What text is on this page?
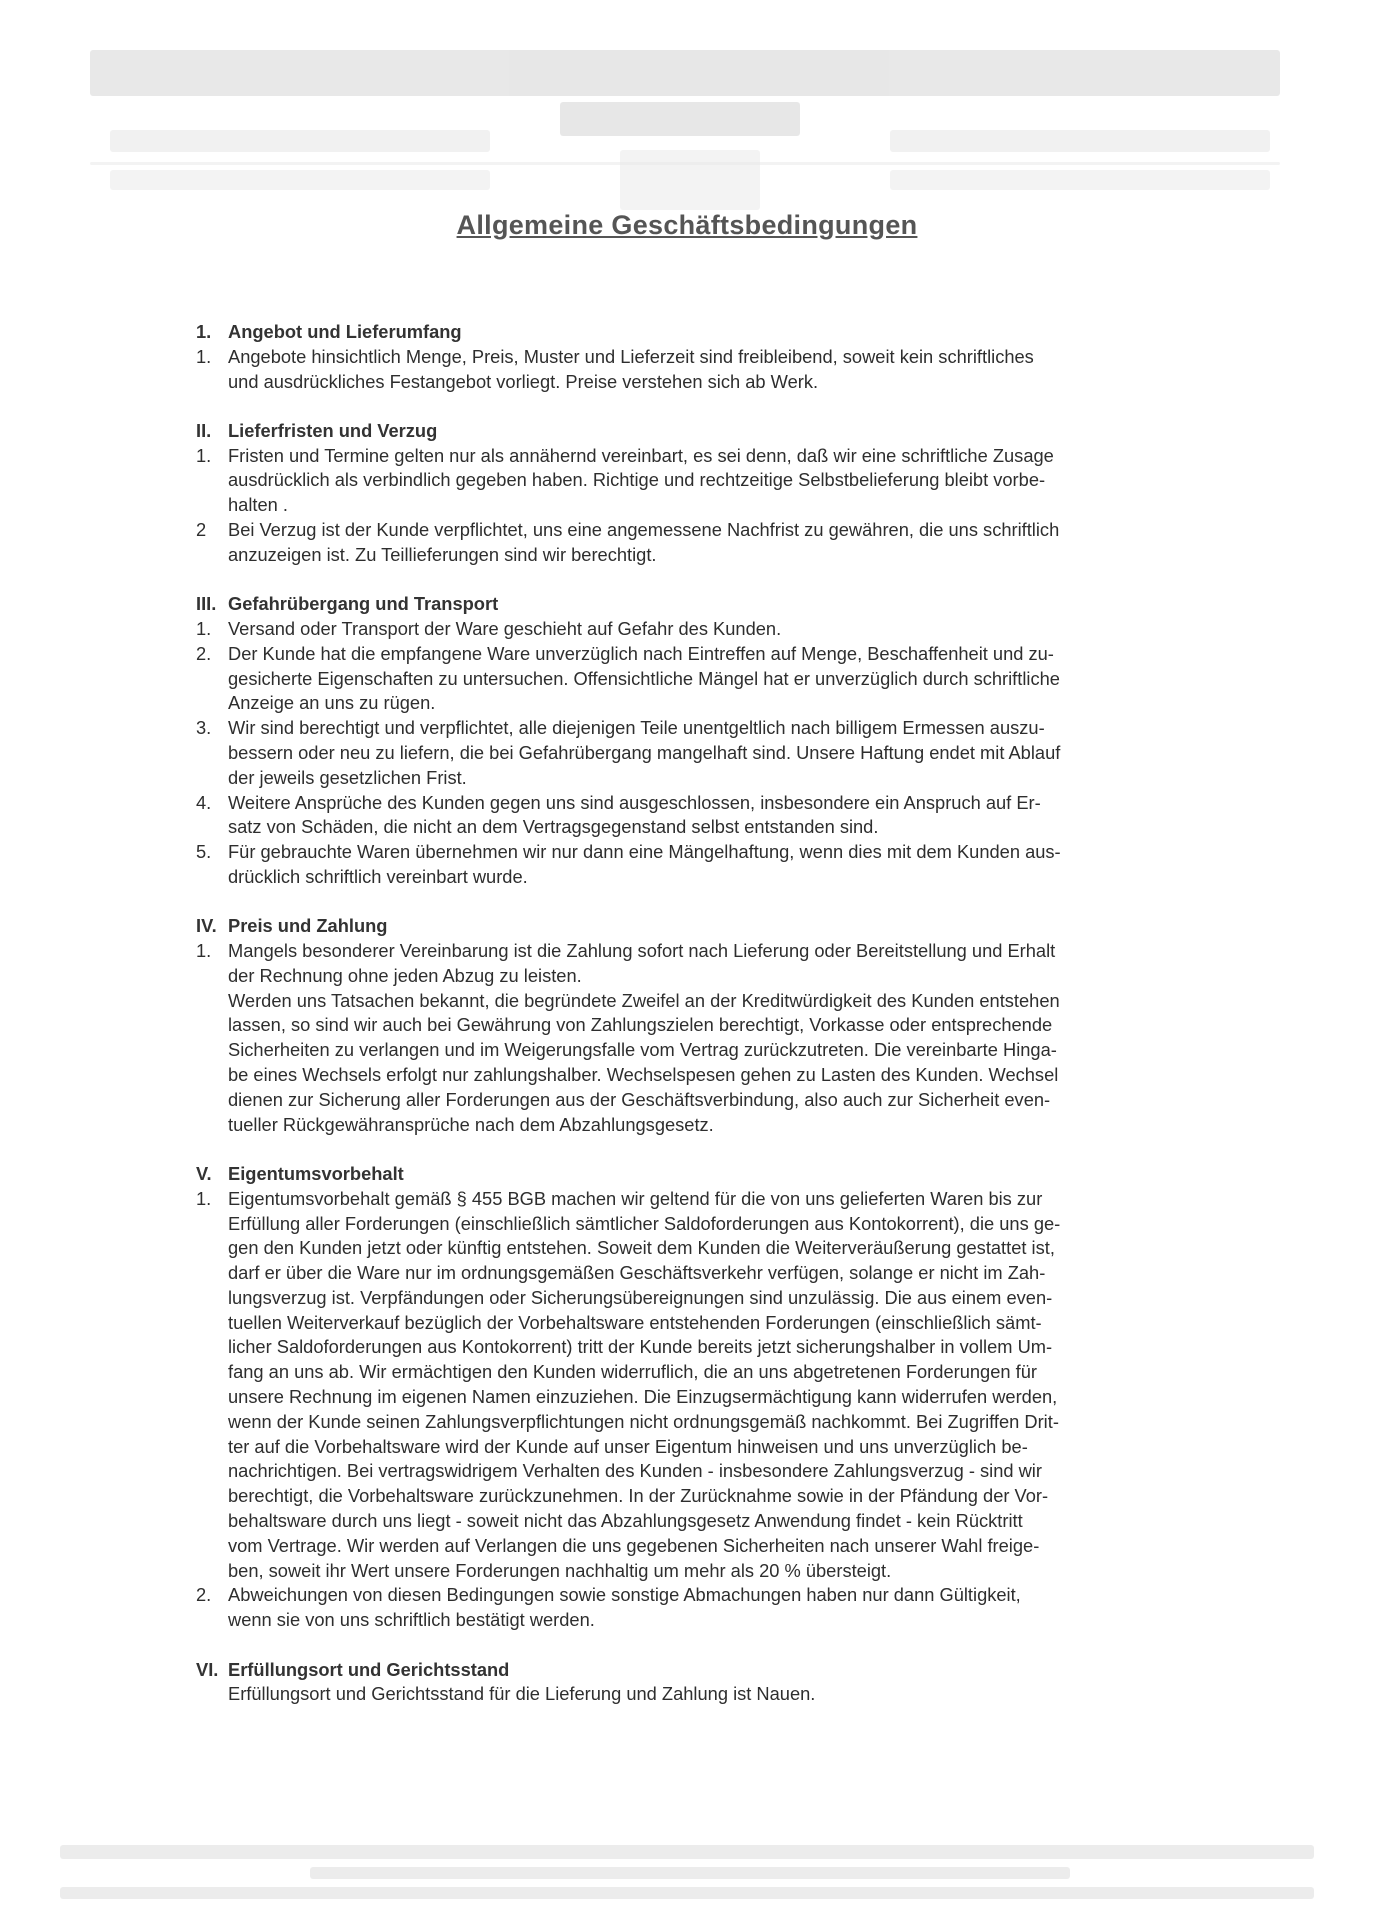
Allgemeine Geschäftsbedingungen
1. Angebot und Lieferumfang
1. Angebote hinsichtlich Menge, Preis, Muster und Lieferzeit sind freibleibend, soweit kein schriftliches
und ausdrückliches Festangebot vorliegt. Preise verstehen sich ab Werk.
II. Lieferfristen und Verzug
1. Fristen und Termine gelten nur als annähernd vereinbart, es sei denn, daß wir eine schriftliche Zusage
ausdrücklich als verbindlich gegeben haben. Richtige und rechtzeitige Selbstbelieferung bleibt vorbe-
halten .
2	Bei Verzug ist der Kunde verpflichtet, uns eine angemessene Nachfrist zu gewähren, die uns schriftlich
anzuzeigen ist. Zu Teillieferungen sind wir berechtigt.
III. Gefahrübergang und Transport
1. Versand oder Transport der Ware geschieht auf Gefahr des Kunden.
2. Der Kunde hat die empfangene Ware unverzüglich nach Eintreffen auf Menge, Beschaffenheit und zu-
gesicherte Eigenschaften zu untersuchen. Offensichtliche Mängel hat er unverzüglich durch schriftliche
Anzeige an uns zu rügen.
3. Wir sind berechtigt und verpflichtet, alle diejenigen Teile unentgeltlich nach billigem Ermessen auszu-
bessern oder neu zu liefern, die bei Gefahrübergang mangelhaft sind. Unsere Haftung endet mit Ablauf
der jeweils gesetzlichen Frist.
4. Weitere Ansprüche des Kunden gegen uns sind ausgeschlossen, insbesondere ein Anspruch auf Er-
satz von Schäden, die nicht an dem Vertragsgegenstand selbst entstanden sind.
5. Für gebrauchte Waren übernehmen wir nur dann eine Mängelhaftung, wenn dies mit dem Kunden aus-
drücklich schriftlich vereinbart wurde.
IV. Preis und Zahlung
1. Mangels besonderer Vereinbarung ist die Zahlung sofort nach Lieferung oder Bereitstellung und Erhalt
der Rechnung ohne jeden Abzug zu leisten.
Werden uns Tatsachen bekannt, die begründete Zweifel an der Kreditwürdigkeit des Kunden entstehen
lassen, so sind wir auch bei Gewährung von Zahlungszielen berechtigt, Vorkasse oder entsprechende
Sicherheiten zu verlangen und im Weigerungsfalle vom Vertrag zurückzutreten. Die vereinbarte Hinga-
be eines Wechsels erfolgt nur zahlungshalber. Wechselspesen gehen zu Lasten des Kunden. Wechsel
dienen zur Sicherung aller Forderungen aus der Geschäftsverbindung, also auch zur Sicherheit even-
tueller Rückgewähransprüche nach dem Abzahlungsgesetz.
V. Eigentumsvorbehalt
1. Eigentumsvorbehalt gemäß § 455 BGB machen wir geltend für die von uns gelieferten Waren bis zur
Erfüllung aller Forderungen (einschließlich sämtlicher Saldoforderungen aus Kontokorrent), die uns ge-
gen den Kunden jetzt oder künftig entstehen. Soweit dem Kunden die Weiterveräußerung gestattet ist,
darf er über die Ware nur im ordnungsgemäßen Geschäftsverkehr verfügen, solange er nicht im Zah-
lungsverzug ist. Verpfändungen oder Sicherungsübereignungen sind unzulässig. Die aus einem even-
tuellen Weiterverkauf bezüglich der Vorbehaltsware entstehenden Forderungen (einschließlich sämt-
licher Saldoforderungen aus Kontokorrent) tritt der Kunde bereits jetzt sicherungshalber in vollem Um-
fang an uns ab. Wir ermächtigen den Kunden widerruflich, die an uns abgetretenen Forderungen für
unsere Rechnung im eigenen Namen einzuziehen. Die Einzugsermächtigung kann widerrufen werden,
wenn der Kunde seinen Zahlungsverpflichtungen nicht ordnungsgemäß nachkommt. Bei Zugriffen Drit-
ter auf die Vorbehaltsware wird der Kunde auf unser Eigentum hinweisen und uns unverzüglich be-
nachrichtigen. Bei vertragswidrigem Verhalten des Kunden - insbesondere Zahlungsverzug - sind wir
berechtigt, die Vorbehaltsware zurückzunehmen. In der Zurücknahme sowie in der Pfändung der Vor-
behaltsware durch uns liegt - soweit nicht das Abzahlungsgesetz Anwendung findet - kein Rücktritt
vom Vertrage. Wir werden auf Verlangen die uns gegebenen Sicherheiten nach unserer Wahl freige-
ben, soweit ihr Wert unsere Forderungen nachhaltig um mehr als 20 % übersteigt.
2. Abweichungen von diesen Bedingungen sowie sonstige Abmachungen haben nur dann Gültigkeit,
wenn sie von uns schriftlich bestätigt werden.
VI. Erfüllungsort und Gerichtsstand
Erfüllungsort und Gerichtsstand für die Lieferung und Zahlung ist Nauen.
